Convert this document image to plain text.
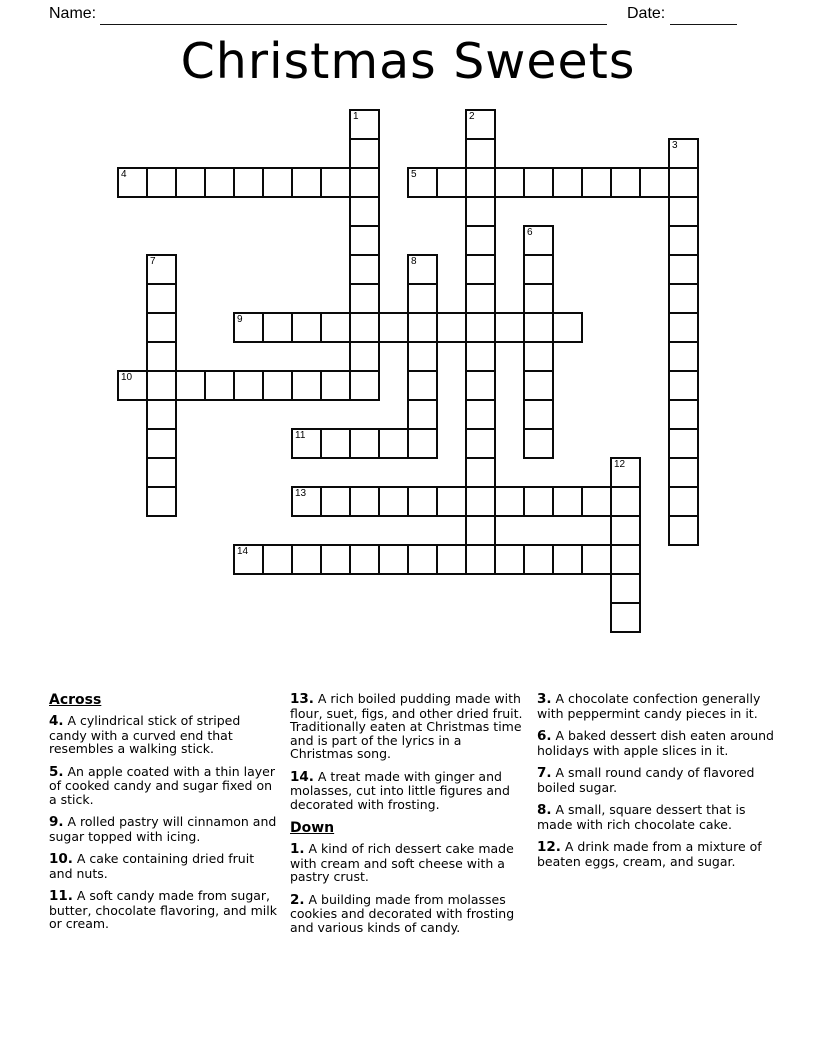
Name:	Date:
Christmas Sweets
1	2
3
4	5
6
7	8
9
10
11
12
13
14
Across

4. A cylindrical stick of striped candy with a curved end that resembles a walking stick.

5. An apple coated with a thin layer of cooked candy and sugar fixed on a stick.

9. A rolled pastry will cinnamon and sugar topped with icing.

10. A cake containing dried fruit and nuts.

11. A soft candy made from sugar, butter, chocolate flavoring, and milk or cream.

13. A rich boiled pudding made with flour, suet, figs, and other dried fruit. Traditionally eaten at Christmas time and is part of the lyrics in a Christmas song.

14. A treat made with ginger and molasses, cut into little figures and decorated with frosting.

Down

1. A kind of rich dessert cake made with cream and soft cheese with a pastry crust.

2. A building made from molasses cookies and decorated with frosting and various kinds of candy.

3. A chocolate confection generally with peppermint candy pieces in it.

6. A baked dessert dish eaten around holidays with apple slices in it.

7. A small round candy of flavored boiled sugar.

8. A small, square dessert that is made with rich chocolate cake.

12. A drink made from a mixture of beaten eggs, cream, and sugar.
